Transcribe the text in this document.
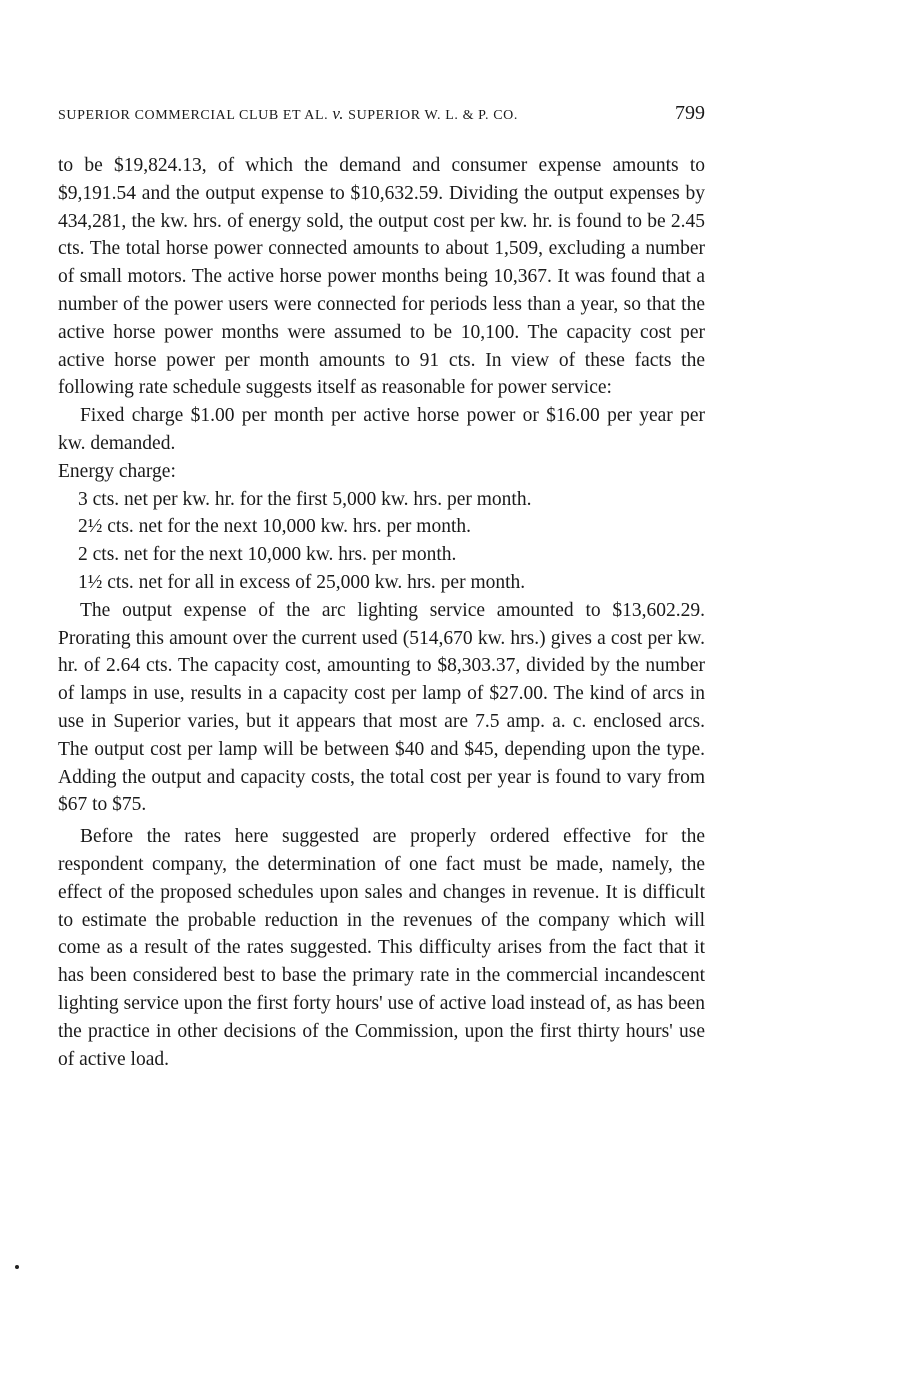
SUPERIOR COMMERCIAL CLUB ET AL. v. SUPERIOR W. L. & P. CO.	799

to be $19,824.13, of which the demand and consumer expense amounts to $9,191.54 and the output expense to $10,632.59. Dividing the output expenses by 434,281, the kw. hrs. of energy sold, the output cost per kw. hr. is found to be 2.45 cts. The total horse power connected amounts to about 1,509, excluding a number of small motors. The active horse power months being 10,367. It was found that a number of the power users were connected for periods less than a year, so that the active horse power months were assumed to be 10,100. The capacity cost per active horse power per month amounts to 91 cts. In view of these facts the following rate schedule suggests itself as reasonable for power service:

Fixed charge $1.00 per month per active horse power or $16.00 per year per kw. demanded.

Energy charge:

3 cts. net per kw. hr. for the first 5,000 kw. hrs. per month.

2½ cts. net for the next 10,000 kw. hrs. per month.

2 cts. net for the next 10,000 kw. hrs. per month.

1½ cts. net for all in excess of 25,000 kw. hrs. per month.

The output expense of the arc lighting service amounted to $13,602.29. Prorating this amount over the current used (514,670 kw. hrs.) gives a cost per kw. hr. of 2.64 cts. The capacity cost, amounting to $8,303.37, divided by the number of lamps in use, results in a capacity cost per lamp of $27.00. The kind of arcs in use in Superior varies, but it appears that most are 7.5 amp. a. c. enclosed arcs. The output cost per lamp will be between $40 and $45, depending upon the type. Adding the output and capacity costs, the total cost per year is found to vary from $67 to $75.

Before the rates here suggested are properly ordered effective for the respondent company, the determination of one fact must be made, namely, the effect of the proposed schedules upon sales and changes in revenue. It is difficult to estimate the probable reduction in the revenues of the company which will come as a result of the rates suggested. This difficulty arises from the fact that it has been considered best to base the primary rate in the commercial incandescent lighting service upon the first forty hours' use of active load instead of, as has been the practice in other decisions of the Commission, upon the first thirty hours' use of active load.
